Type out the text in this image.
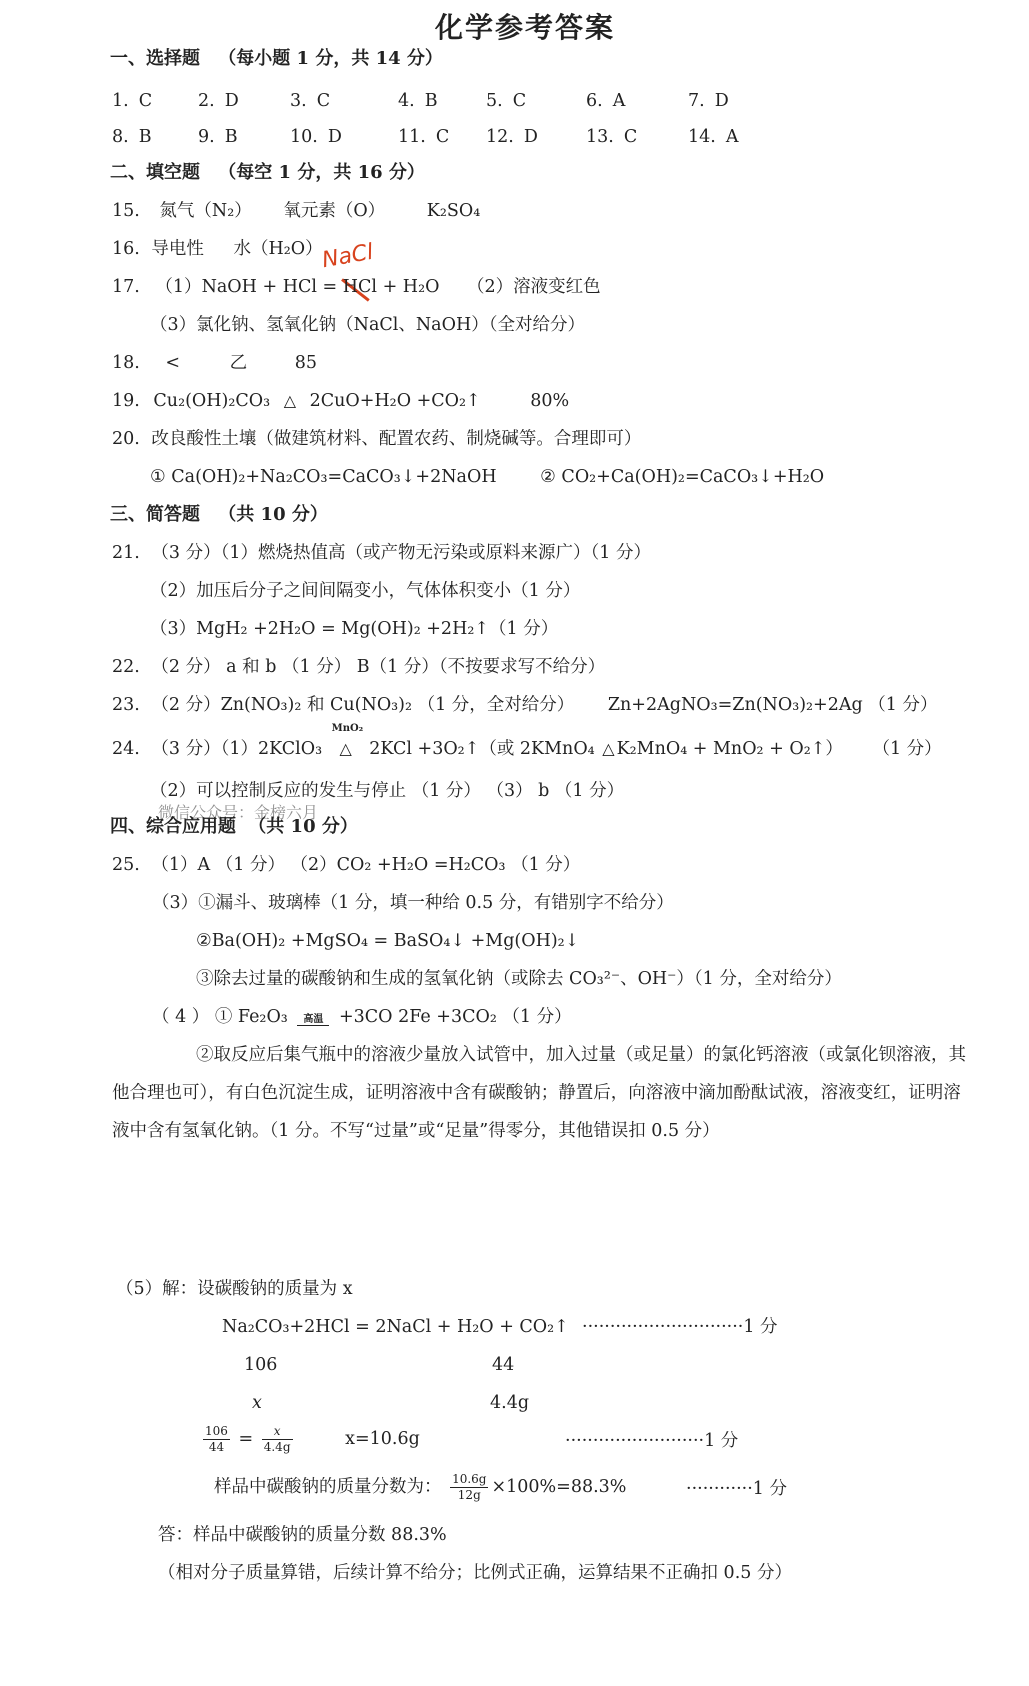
化学参考答案
一、选择题 （每小题 1 分，共 14 分）
1. C	2. D	3. C	4. B	5. C	6. A	7. D
8. B	9. B	10. D	11. C 12. D	13. C	14. A
二、填空题 （每空 1 分，共 16 分）
15. 氮气（N₂） 氧元素（O） K₂SO₄
16. 导电性 水（H₂O）
NaCl
17. （1）NaOH + HCl = HCl + H₂O （2）溶液变红色
（3）氯化钠、氢氧化钠（NaCl、NaOH）（全对给分）
18. <	乙	85
19. Cu₂(OH)₂CO₃ △ 2CuO+H₂O +CO₂↑	80%
20. 改良酸性土壤（做建筑材料、配置农药、制烧碱等。合理即可）
① Ca(OH)₂+Na₂CO₃=CaCO₃↓+2NaOH ② CO₂+Ca(OH)₂=CaCO₃↓+H₂O
三、简答题 （共 10 分）
21. （3 分）（1）燃烧热值高（或产物无污染或原料来源广）（1 分）
（2）加压后分子之间间隔变小，气体体积变小（1 分）
（3）MgH₂ +2H₂O = Mg(OH)₂ +2H₂↑（1 分）
22. （2 分） a 和 b （1 分） B（1 分）（不按要求写不给分）
23. （2 分）Zn(NO₃)₂ 和 Cu(NO₃)₂ （1 分，全对给分） Zn+2AgNO₃=Zn(NO₃)₂+2Ag （1 分）
24. （3 分）（1）2KClO₃
MnO₂
△ 2KCl +3O₂↑（或 2KMnO₄ △ K₂MnO₄ + MnO₂ + O₂↑） （1 分）
（2）可以控制反应的发生与停止 （1 分） （3） b （1 分）
微信公众号：金榜六月
四、综合应用题 （共 10 分）
25. （1）A （1 分） （2）CO₂ +H₂O =H₂CO₃ （1 分）
（3）①漏斗、玻璃棒（1 分，填一种给 0.5 分，有错别字不给分）
②Ba(OH)₂ +MgSO₄ = BaSO₄↓ +Mg(OH)₂↓
③除去过量的碳酸钠和生成的氢氧化钠（或除去 CO₃²⁻、OH⁻）（1 分，全对给分）
（ 4 ） ① Fe₂O₃	高温 +3CO 2Fe +3CO₂ （1 分）
②取反应后集气瓶中的溶液少量放入试管中，加入过量（或足量）的氯化钙溶液（或氯化钡溶液，其他合理也可），有白色沉淀生成，证明溶液中含有碳酸钠；静置后，向溶液中滴加酚酞试液，溶液变红，证明溶液中含有氢氧化钠。（1 分。不写“过量”或“足量”得零分，其他错误扣 0.5 分）
（5）解：设碳酸钠的质量为 x
Na₂CO₃+2HCl = 2NaCl + H₂O + CO₂↑ ·····························1 分
106	44
x	4.4g
$\frac{106}{44} = \frac{x}{4.4g}$	x=10.6g	·························1 分
样品中碳酸钠的质量分数为： $\frac{10.6g}{12g} \times 100\%=88.3\%$	············1 分
答：样品中碳酸钠的质量分数 88.3%
（相对分子质量算错，后续计算不给分；比例式正确，运算结果不正确扣 0.5 分）
